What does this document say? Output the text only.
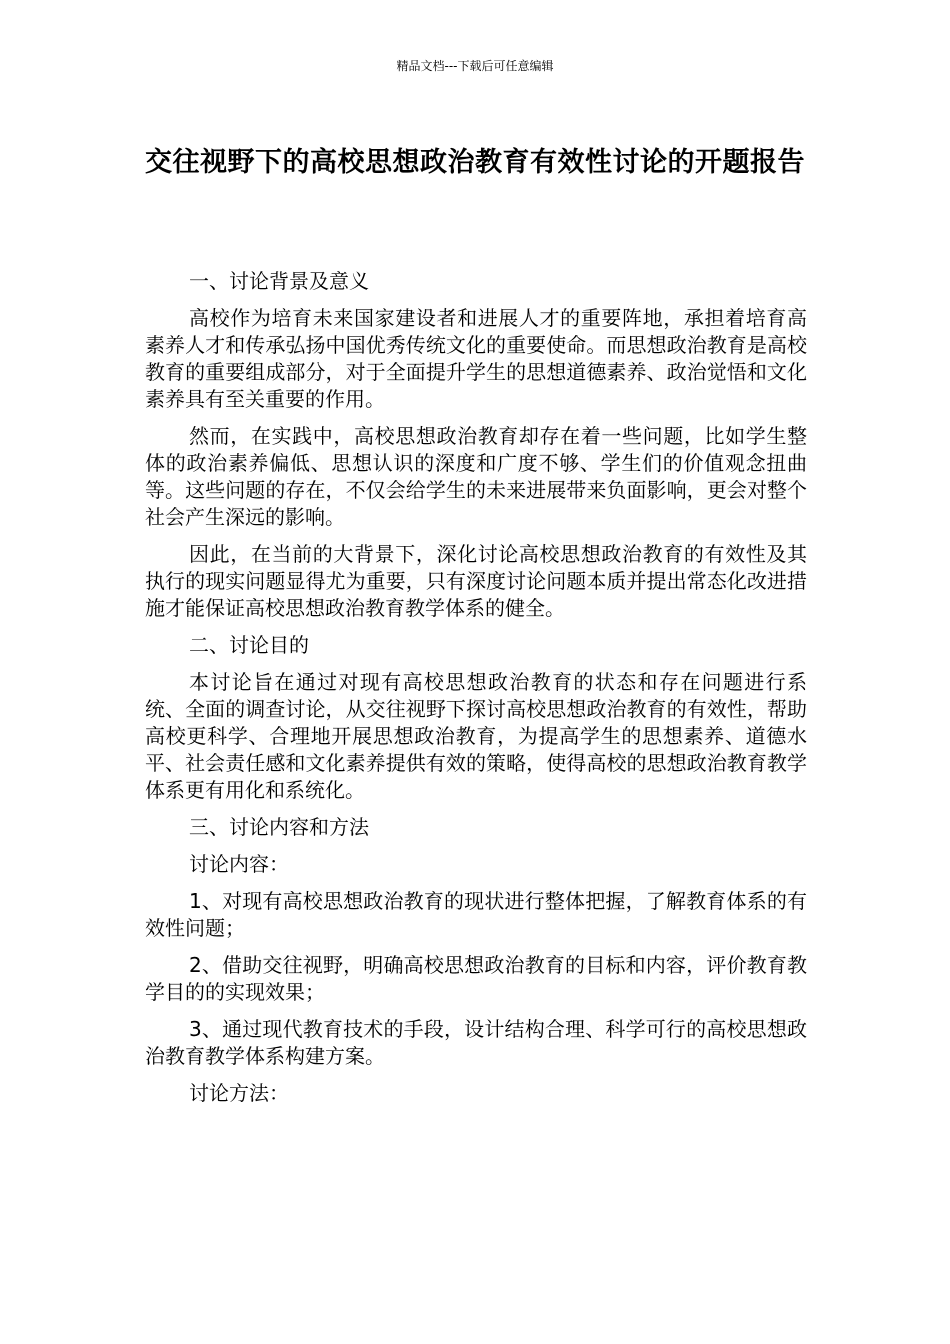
精品文档---下载后可任意编辑
交往视野下的高校思想政治教育有效性讨论的开题报告

一、讨论背景及意义

高校作为培育未来国家建设者和进展人才的重要阵地，承担着培育高素养人才和传承弘扬中国优秀传统文化的重要使命。而思想政治教育是高校教育的重要组成部分，对于全面提升学生的思想道德素养、政治觉悟和文化素养具有至关重要的作用。

然而，在实践中，高校思想政治教育却存在着一些问题，比如学生整体的政治素养偏低、思想认识的深度和广度不够、学生们的价值观念扭曲等。这些问题的存在，不仅会给学生的未来进展带来负面影响，更会对整个社会产生深远的影响。

因此，在当前的大背景下，深化讨论高校思想政治教育的有效性及其执行的现实问题显得尤为重要，只有深度讨论问题本质并提出常态化改进措施才能保证高校思想政治教育教学体系的健全。

二、讨论目的

本讨论旨在通过对现有高校思想政治教育的状态和存在问题进行系统、全面的调查讨论，从交往视野下探讨高校思想政治教育的有效性，帮助高校更科学、合理地开展思想政治教育，为提高学生的思想素养、道德水平、社会责任感和文化素养提供有效的策略，使得高校的思想政治教育教学体系更有用化和系统化。

三、讨论内容和方法

讨论内容：

1、对现有高校思想政治教育的现状进行整体把握，了解教育体系的有效性问题；

2、借助交往视野，明确高校思想政治教育的目标和内容，评价教育教学目的的实现效果；

3、通过现代教育技术的手段，设计结构合理、科学可行的高校思想政治教育教学体系构建方案。

讨论方法：
